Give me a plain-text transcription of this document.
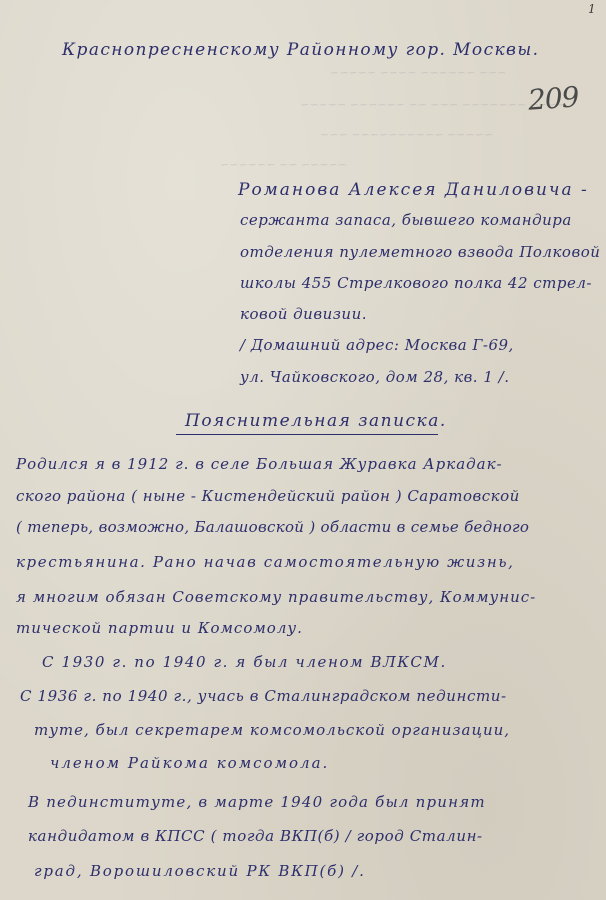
~~~ ~~~~~~ ~~~~ ~~~~~
~~~~ ~~~~~~~ ~~~ ~~ ~~~~~~ ~~~~~
~~~~~ ~~~~~~~~~~ ~~~
~~~~~ ~~ ~~~~~~
1
209
Краснопресненскому Районному гор. Москвы.
Романова Алексея Даниловича -
сержанта запаса, бывшего командира
отделения пулеметного взвода Полковой
школы 455 Стрелкового полка 42 стрел-
ковой дивизии.
/ Домашний адрес: Москва Г-69,
ул. Чайковского, дом 28, кв. 1 /.
Пояснительная записка.
Родился я в 1912 г. в селе Большая Журавка Аркадак-
ского района ( ныне - Кистендейский район ) Саратовской
( теперь, возможно, Балашовской ) области в семье бедного
крестьянина. Рано начав самостоятельную жизнь,
я многим обязан Советскому правительству, Коммунис-
тической партии и Комсомолу.
С 1930 г. по 1940 г. я был членом ВЛКСМ.
С 1936 г. по 1940 г., учась в Сталинградском пединсти-
туте, был секретарем комсомольской организации,
членом Райкома комсомола.
В пединституте, в марте 1940 года был принят
кандидатом в КПСС ( тогда ВКП(б) / город Сталин-
град, Ворошиловский РК ВКП(б) /.
